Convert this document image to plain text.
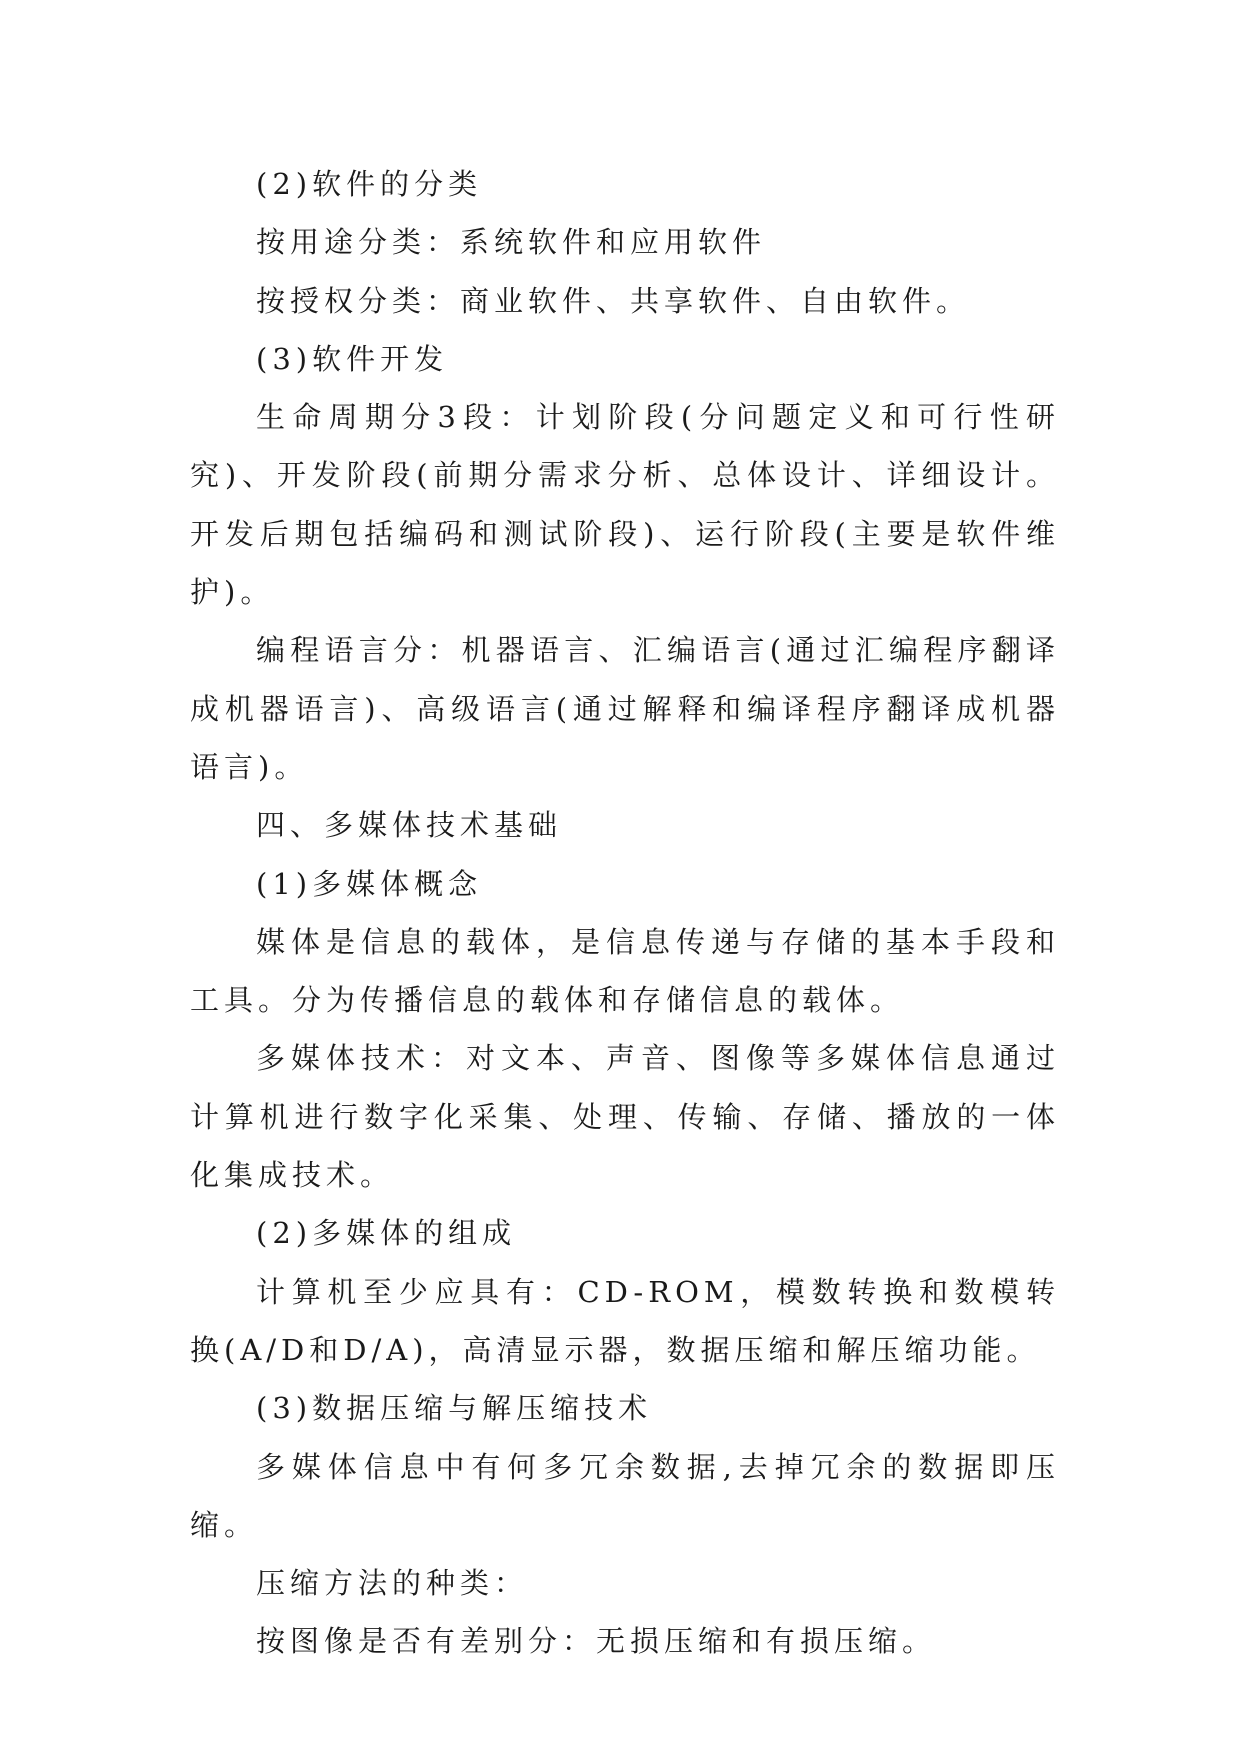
(2)软件的分类

按用途分类：系统软件和应用软件

按授权分类：商业软件、共享软件、自由软件。

(3)软件开发

生命周期分3段：计划阶段(分问题定义和可行性研究)、开发阶段(前期分需求分析、总体设计、详细设计。开发后期包括编码和测试阶段)、运行阶段(主要是软件维护)。

编程语言分：机器语言、汇编语言(通过汇编程序翻译成机器语言)、高级语言(通过解释和编译程序翻译成机器语言)。

四、多媒体技术基础

(1)多媒体概念

媒体是信息的载体，是信息传递与存储的基本手段和工具。分为传播信息的载体和存储信息的载体。

多媒体技术：对文本、声音、图像等多媒体信息通过计算机进行数字化采集、处理、传输、存储、播放的一体化集成技术。

(2)多媒体的组成

计算机至少应具有：CD-ROM，模数转换和数模转换(A/D和D/A)，高清显示器，数据压缩和解压缩功能。

(3)数据压缩与解压缩技术

多媒体信息中有何多冗余数据,去掉冗余的数据即压缩。

压缩方法的种类：

按图像是否有差别分：无损压缩和有损压缩。
